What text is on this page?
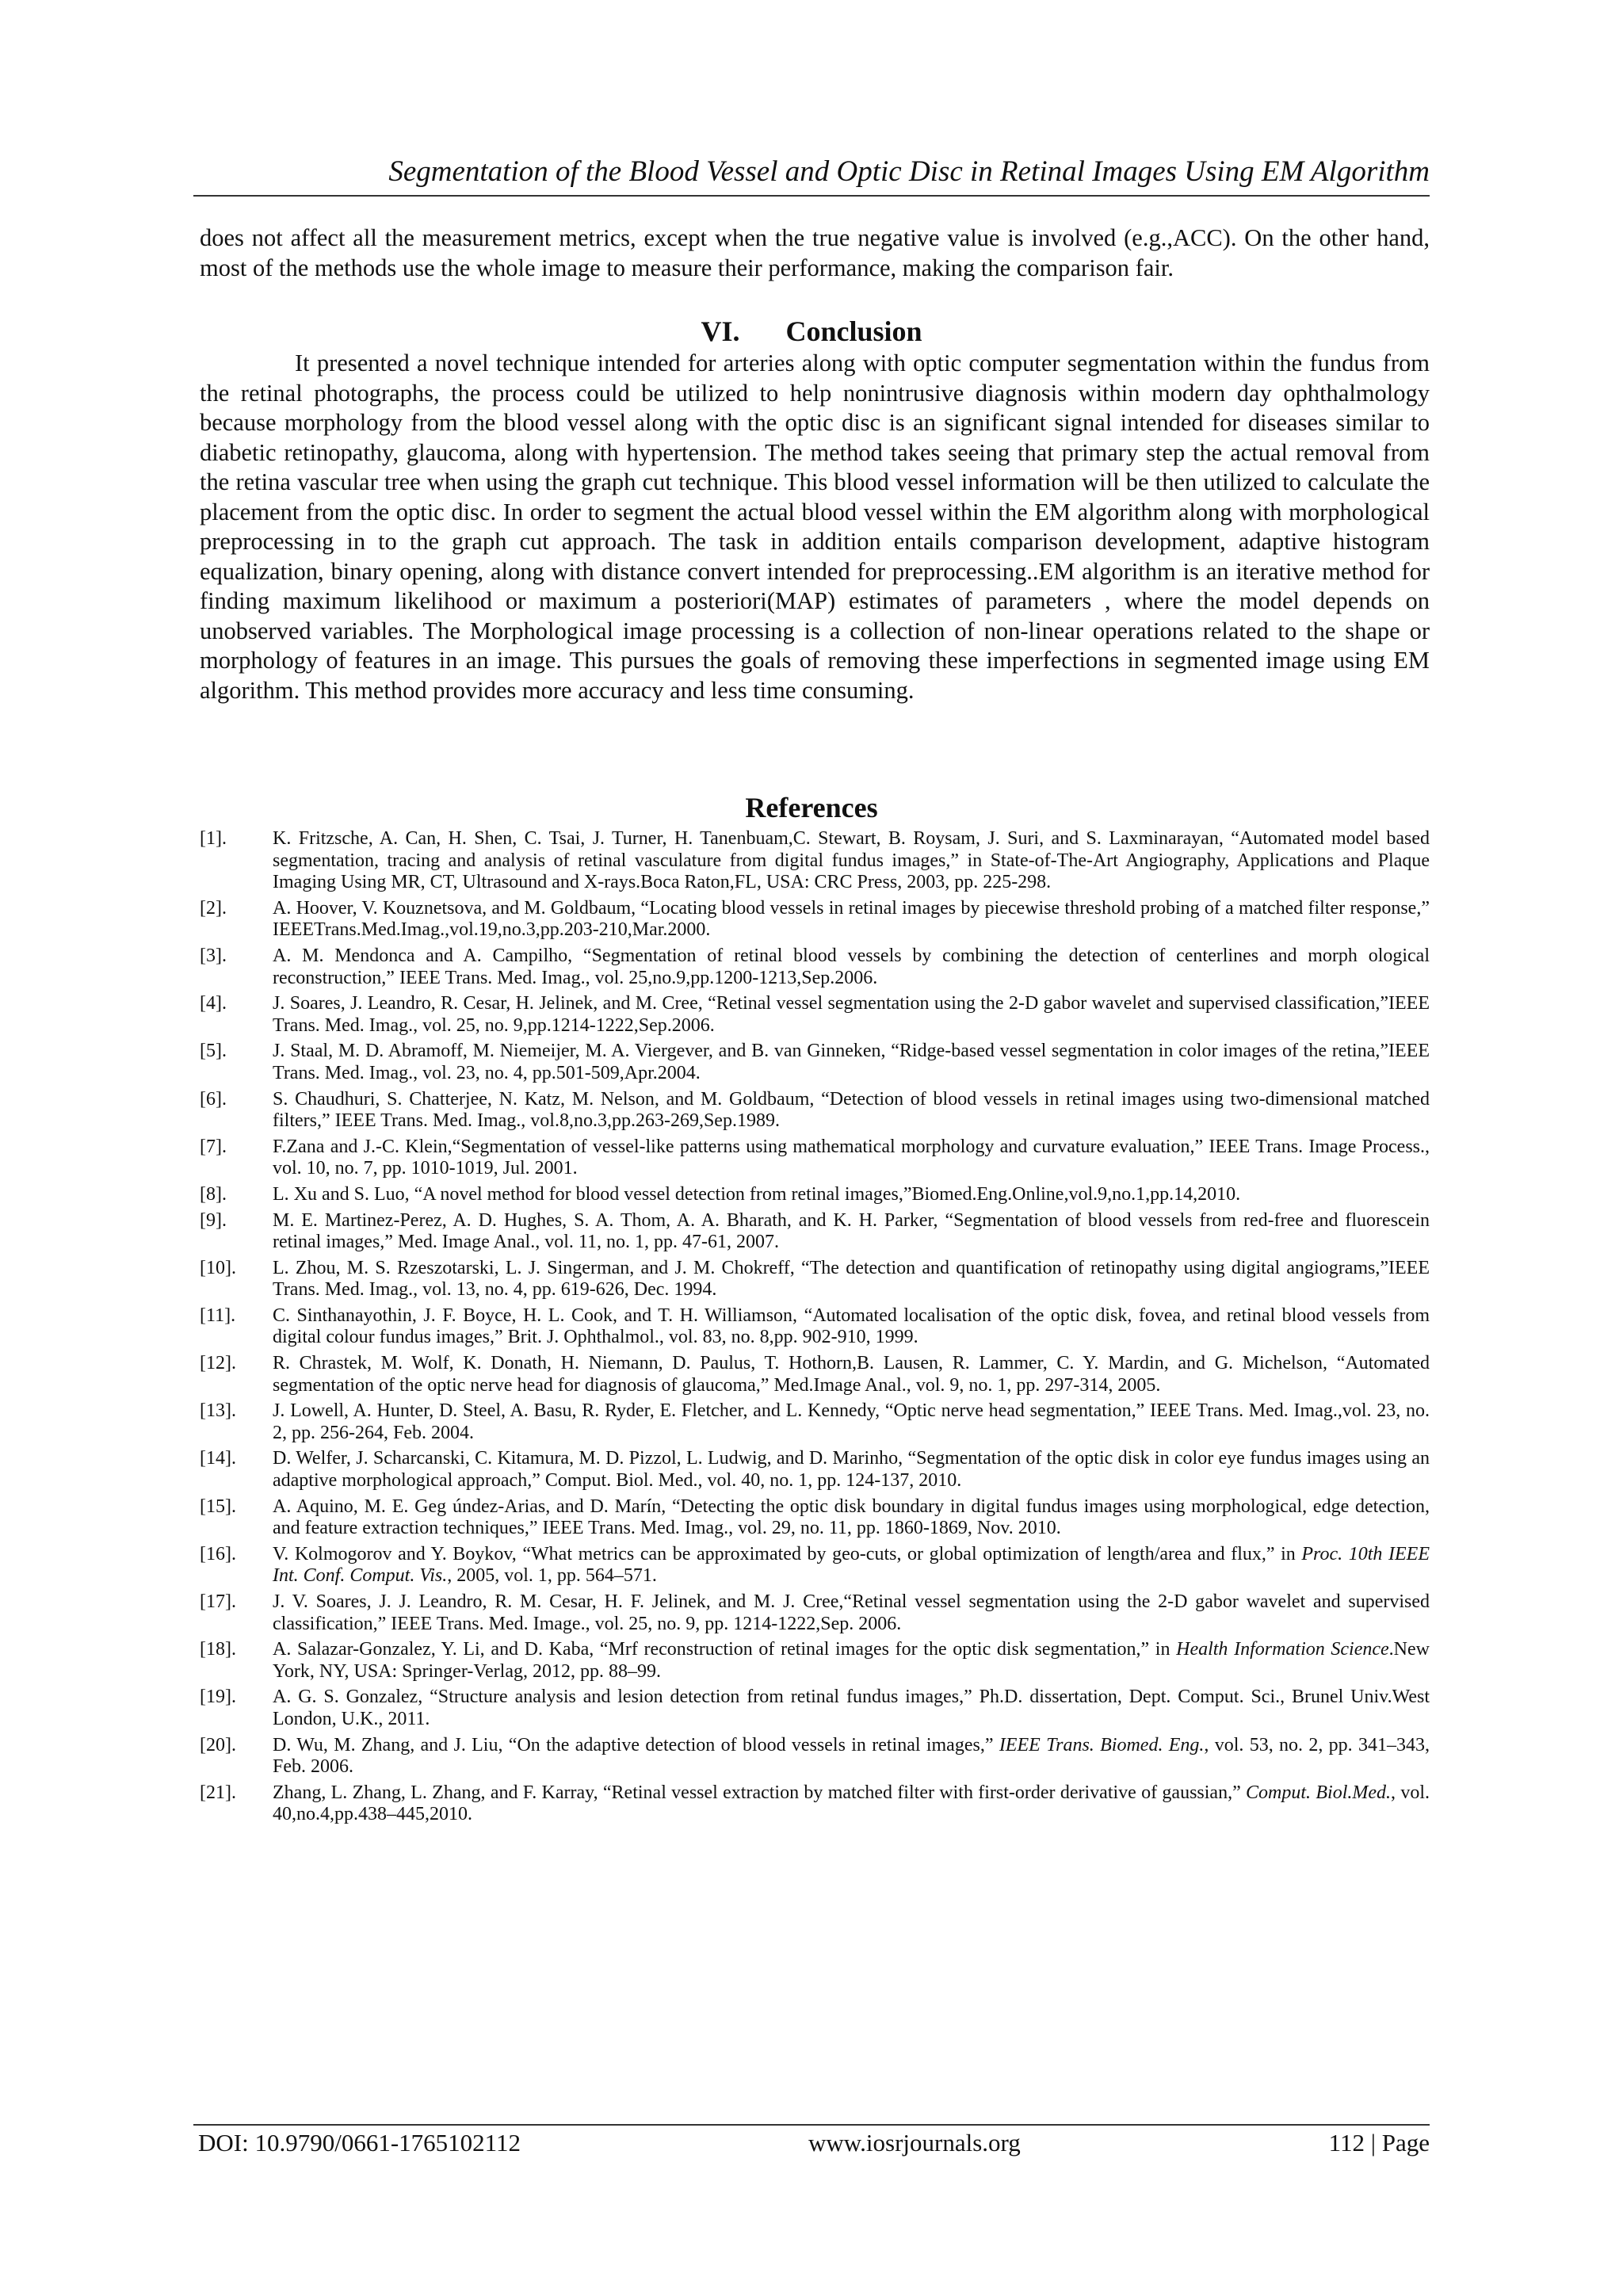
Segmentation of the Blood Vessel and Optic Disc in Retinal Images Using EM Algorithm

does not affect all the measurement metrics, except when the true negative value is involved (e.g.,ACC). On the other hand, most of the methods use the whole image to measure their performance, making the comparison fair.

VI. Conclusion

It presented a novel technique intended for arteries along with optic computer segmentation within the fundus from the retinal photographs, the process could be utilized to help nonintrusive diagnosis within modern day ophthalmology because morphology from the blood vessel along with the optic disc is an significant signal intended for diseases similar to diabetic retinopathy, glaucoma, along with hypertension. The method takes seeing that primary step the actual removal from the retina vascular tree when using the graph cut technique. This blood vessel information will be then utilized to calculate the placement from the optic disc. In order to segment the actual blood vessel within the EM algorithm along with morphological preprocessing in to the graph cut approach. The task in addition entails comparison development, adaptive histogram equalization, binary opening, along with distance convert intended for preprocessing..EM algorithm is an iterative method for finding maximum likelihood or maximum a posteriori(MAP) estimates of parameters , where the model depends on unobserved variables. The Morphological image processing is a collection of non-linear operations related to the shape or morphology of features in an image. This pursues the goals of removing these imperfections in segmented image using EM algorithm. This method provides more accuracy and less time consuming.

References
[1]. K. Fritzsche, A. Can, H. Shen, C. Tsai, J. Turner, H. Tanenbuam,C. Stewart, B. Roysam, J. Suri, and S. Laxminarayan, “Automated model based segmentation, tracing and analysis of retinal vasculature from digital fundus images,” in State-of-The-Art Angiography, Applications and Plaque Imaging Using MR, CT, Ultrasound and X-rays.Boca Raton,FL, USA: CRC Press, 2003, pp. 225-298.
[2]. A. Hoover, V. Kouznetsova, and M. Goldbaum, “Locating blood vessels in retinal images by piecewise threshold probing of a matched filter response,” IEEETrans.Med.Imag.,vol.19,no.3,pp.203-210,Mar.2000.
[3]. A. M. Mendonca and A. Campilho, “Segmentation of retinal blood vessels by combining the detection of centerlines and morph ological reconstruction,” IEEE Trans. Med. Imag., vol. 25,no.9,pp.1200-1213,Sep.2006.
[4]. J. Soares, J. Leandro, R. Cesar, H. Jelinek, and M. Cree, “Retinal vessel segmentation using the 2-D gabor wavelet and supervised classification,”IEEE Trans. Med. Imag., vol. 25, no. 9,pp.1214-1222,Sep.2006.
[5]. J. Staal, M. D. Abramoff, M. Niemeijer, M. A. Viergever, and B. van Ginneken, “Ridge-based vessel segmentation in color images of the retina,”IEEE Trans. Med. Imag., vol. 23, no. 4, pp.501-509,Apr.2004.
[6]. S. Chaudhuri, S. Chatterjee, N. Katz, M. Nelson, and M. Goldbaum, “Detection of blood vessels in retinal images using two-dimensional matched filters,” IEEE Trans. Med. Imag., vol.8,no.3,pp.263-269,Sep.1989.
[7]. F.Zana and J.-C. Klein,“Segmentation of vessel-like patterns using mathematical morphology and curvature evaluation,” IEEE Trans. Image Process., vol. 10, no. 7, pp. 1010-1019, Jul. 2001.
[8]. L. Xu and S. Luo, “A novel method for blood vessel detection from retinal images,”Biomed.Eng.Online,vol.9,no.1,pp.14,2010.
[9]. M. E. Martinez-Perez, A. D. Hughes, S. A. Thom, A. A. Bharath, and K. H. Parker, “Segmentation of blood vessels from red-free and fluorescein retinal images,” Med. Image Anal., vol. 11, no. 1, pp. 47-61, 2007.
[10]. L. Zhou, M. S. Rzeszotarski, L. J. Singerman, and J. M. Chokreff, “The detection and quantification of retinopathy using digital angiograms,”IEEE Trans. Med. Imag., vol. 13, no. 4, pp. 619-626, Dec. 1994.
[11]. C. Sinthanayothin, J. F. Boyce, H. L. Cook, and T. H. Williamson, “Automated localisation of the optic disk, fovea, and retinal blood vessels from digital colour fundus images,” Brit. J. Ophthalmol., vol. 83, no. 8,pp. 902-910, 1999.
[12]. R. Chrastek, M. Wolf, K. Donath, H. Niemann, D. Paulus, T. Hothorn,B. Lausen, R. Lammer, C. Y. Mardin, and G. Michelson, “Automated segmentation of the optic nerve head for diagnosis of glaucoma,” Med.Image Anal., vol. 9, no. 1, pp. 297-314, 2005.
[13]. J. Lowell, A. Hunter, D. Steel, A. Basu, R. Ryder, E. Fletcher, and L. Kennedy, “Optic nerve head segmentation,” IEEE Trans. Med. Imag.,vol. 23, no. 2, pp. 256-264, Feb. 2004.
[14]. D. Welfer, J. Scharcanski, C. Kitamura, M. D. Pizzol, L. Ludwig, and D. Marinho, “Segmentation of the optic disk in color eye fundus images using an adaptive morphological approach,” Comput. Biol. Med., vol. 40, no. 1, pp. 124-137, 2010.
[15]. A. Aquino, M. E. Geg úndez-Arias, and D. Marín, “Detecting the optic disk boundary in digital fundus images using morphological, edge detection, and feature extraction techniques,” IEEE Trans. Med. Imag., vol. 29, no. 11, pp. 1860-1869, Nov. 2010.
[16]. V. Kolmogorov and Y. Boykov, “What metrics can be approximated by geo-cuts, or global optimization of length/area and flux,” in Proc. 10th IEEE Int. Conf. Comput. Vis., 2005, vol. 1, pp. 564–571.
[17]. J. V. Soares, J. J. Leandro, R. M. Cesar, H. F. Jelinek, and M. J. Cree,“Retinal vessel segmentation using the 2-D gabor wavelet and supervised classification,” IEEE Trans. Med. Image., vol. 25, no. 9, pp. 1214-1222,Sep. 2006.
[18]. A. Salazar-Gonzalez, Y. Li, and D. Kaba, “Mrf reconstruction of retinal images for the optic disk segmentation,” in Health Information Science.New York, NY, USA: Springer-Verlag, 2012, pp. 88–99.
[19]. A. G. S. Gonzalez, “Structure analysis and lesion detection from retinal fundus images,” Ph.D. dissertation, Dept. Comput. Sci., Brunel Univ.West London, U.K., 2011.
[20]. D. Wu, M. Zhang, and J. Liu, “On the adaptive detection of blood vessels in retinal images,” IEEE Trans. Biomed. Eng., vol. 53, no. 2, pp. 341–343, Feb. 2006.
[21]. Zhang, L. Zhang, L. Zhang, and F. Karray, “Retinal vessel extraction by matched filter with first-order derivative of gaussian,” Comput. Biol.Med., vol. 40,no.4,pp.438–445,2010.
DOI: 10.9790/0661-1765102112	www.iosrjournals.org	112 | Page
